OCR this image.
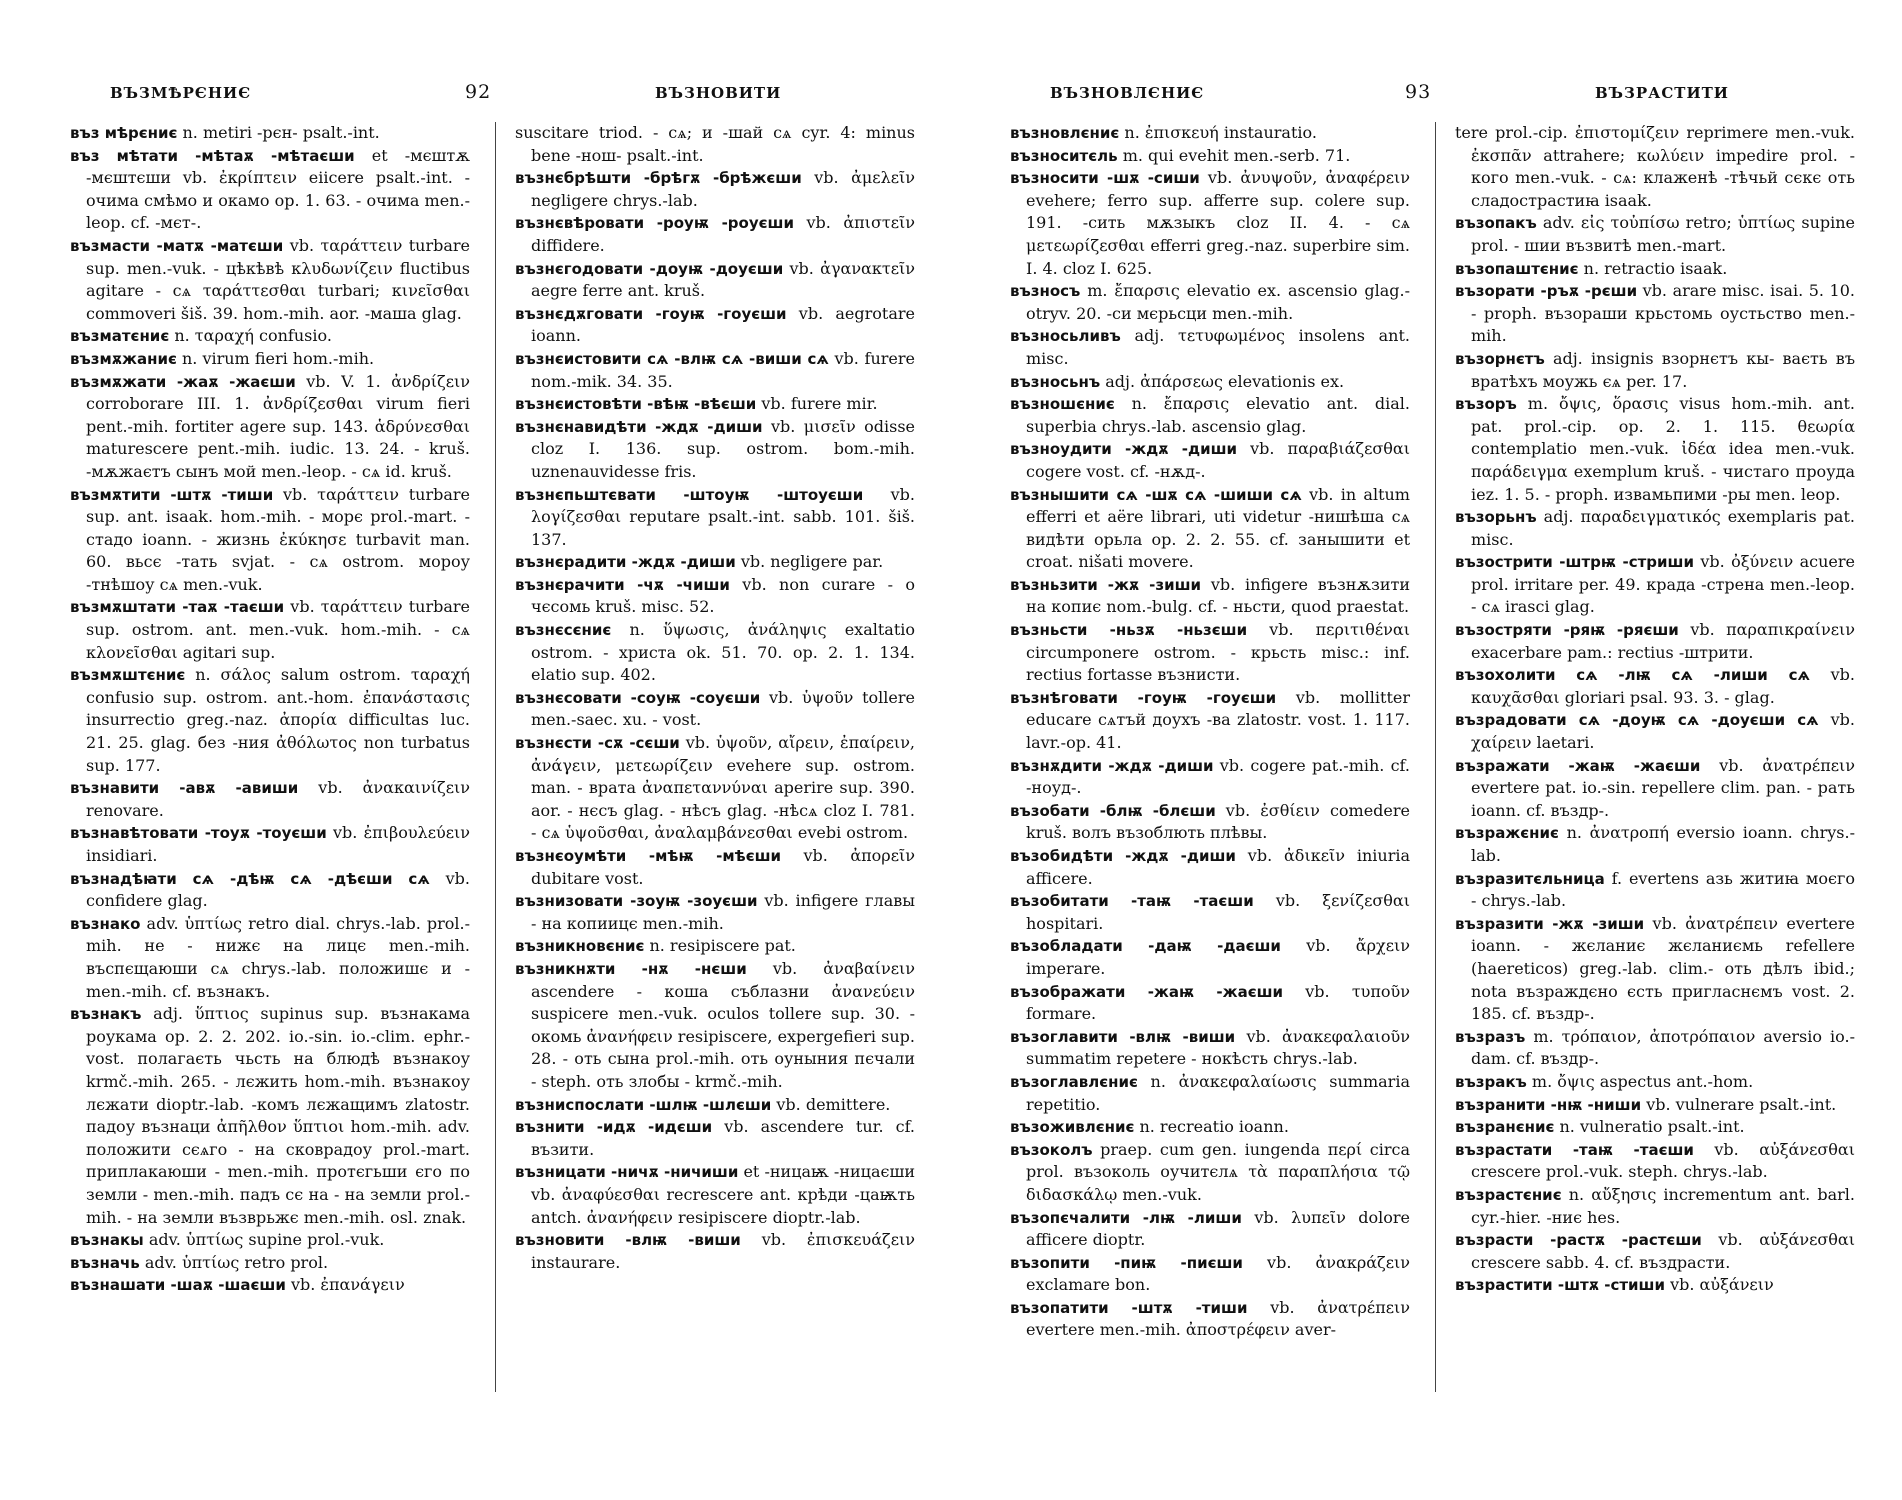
ВЪЗМѢРЄНИЄ	92	ВЪЗНОВИТИ

въз мѣрєниє n. metiri -рєн- psalt.-int.

въз мѣтати -мѣтаѫ -мѣтаєши et -мєштѫ -мєштєши vb. ἐκρίπτειν eiicere psalt.-int. - очима смѣмо и окамо op. 1. 63. - очима men.-leop. cf. -мєт-.

възмасти -матѫ -матєши vb. ταράττειν turbare sup. men.-vuk. - цѣкѣвѣ κλυδωνίζειν fluctibus agitare - сѧ ταράττεσθαι turbari; κινεῖσθαι commoveri šiš. 39. hom.-mih. aor. -маша glag.

възматєниє n. ταραχή confusio.

възмѫжаниє n. virum fieri hom.-mih.

възмѫжати -жаѫ -жаєши vb. V. 1. ἀνδρίζειν corroborare III. 1. ἀνδρίζεσθαι virum fieri pent.-mih. fortiter agere sup. 143. ἁδρύνεσθαι maturescere pent.-mih. iudic. 13. 24. - kruš. -мѫжаєтъ сынъ мой men.-leop. - сѧ id. kruš.

възмѫтити -штѫ -тиши vb. ταράττειν turbare sup. ant. isaak. hom.-mih. - морє prol.-mart. - стадо ioann. - жизнь ἐκύκησε turbavit man. 60. вьсє -тать svjat. - сѧ ostrom. мороу -тнѣшоу сѧ men.-vuk.

възмѫштати -таѫ -таєши vb. ταράττειν turbare sup. ostrom. ant. men.-vuk. hom.-mih. - сѧ κλονεῖσθαι agitari sup.

възмѫштєниє n. σάλος salum ostrom. ταραχή confusio sup. ostrom. ant.-hom. ἐπανάστασις insurrectio greg.-naz. ἀπορία difficultas luc. 21. 25. glag. без -ния ἀθόλωτος non turbatus sup. 177.

възнавити -авѫ -авиши vb. ἀνακαινίζειν renovare.

възнавѣтовати -тоуѫ -тоуєши vb. ἐπιβουλεύειν insidiari.

възнадѣꙗти сѧ -дѣѭ сѧ -дѣєши сѧ vb. confidere glag.

възнако adv. ὑπτίως retro dial. chrys.-lab. prol.-mih. не - нижє на лицє men.-mih. въспєщаюши сѧ chrys.-lab. положишє и - men.-mih. cf. възнакъ.

възнакъ adj. ὕπτιος supinus sup. възнакама роукама op. 2. 2. 202. io.-sin. io.-clim. ephr.-vost. полагаєть чьсть на блюдѣ възнакоу krmč.-mih. 265. - лєжить hom.-mih. възнакоу лєжати dioptr.-lab. -комъ лєжащимъ zlatostr. падоу възнаци ἀπῆλθον ὕπτιοι hom.-mih. adv. положити сєѧго - на сковрадоу prol.-mart. приплакаюши - men.-mih. протєгьши єго по земли - men.-mih. падъ сє на - на земли prol.-mih. - на земли възврьжє men.-mih. osl. znak.

възнакы adv. ὑπτίως supine prol.-vuk.

възначь adv. ὑπτίως retro prol.

възнашати -шаѫ -шаєши vb. ἐπανάγειν

suscitare triod. - сѧ; и -шай сѧ cyr. 4: minus bene -нош- psalt.-int.

възнєбрѣшти -брѣгѫ -брѣжєши vb. ἀμελεῖν negligere chrys.-lab.

възнєвѣровати -роуѭ -роуєши vb. ἀπιστεῖν diffidere.

възнєгодовати -доуѭ -доуєши vb. ἀγανακτεῖν aegre ferre ant. kruš.

възнєдѫговати -гоуѭ -гоуєши vb. aegrotare ioann.

възнєистовити сѧ -влѭ сѧ -виши сѧ vb. furere nom.-mik. 34. 35.

възнєистовѣти -вѣѭ -вѣєши vb. furere mir.

възнєнавидѣти -ждѫ -диши vb. μισεῖν odisse cloz I. 136. sup. ostrom. bom.-mih. uznenauvidesse fris.

възнєпьштєвати -штоуѭ -штоуєши vb. λογίζεσθαι reputare psalt.-int. sabb. 101. šiš. 137.

възнєрадити -ждѫ -диши vb. negligere par.

възнєрачити -чѫ -чиши vb. non curare - о чєсомь kruš. misc. 52.

възнєсєниє n. ὕψωσις, ἀνάληψις exaltatio ostrom. - христа ok. 51. 70. op. 2. 1. 134. elatio sup. 402.

възнєсовати -соуѭ -соуєши vb. ὑψοῦν tollere men.-saec. xu. - vost.

възнєсти -сѫ -сєши vb. ὑψοῦν, αἴρειν, ἐπαίρειν, ἀνάγειν, μετεωρίζειν evehere sup. ostrom. man. - врата ἀναπεταννύναι aperire sup. 390. aor. - нєсъ glag. - нѣсъ glag. -нѣсѧ cloz I. 781. - сѧ ὑψοῦσθαι, ἀναλαμβάνεσθαι evebi ostrom.

възнєоумѣти -мѣѭ -мѣєши vb. ἀπορεῖν dubitare vost.

възнизовати -зоуѭ -зоуєши vb. infigere главы - на копиицє men.-mih.

възникновєниє n. resipiscere pat.

възникнѫти -нѫ -нєши vb. ἀναβαίνειν ascendere - коша съблазни ἀνανεύειν suspicere men.-vuk. oculos tollere sup. 30. - окомь ἀνανήφειν resipiscere, expergefieri sup. 28. - оть сына prol.-mih. оть оуныния пєчали - steph. оть злобы - krmč.-mih.

възниспослати -шлѭ -шлєши vb. demittere.

възнити -идѫ -идєши vb. ascendere tur. cf. възити.

възницати -ничѫ -ничиши et -ницаѭ -ницаєши vb. ἀναφύεσθαι recrescere ant. крѣди -цаѭть antch. ἀνανήφειν resipiscere dioptr.-lab.

възновити -влѭ -виши vb. ἐπισκευάζειν instaurare.

ВЪЗНОВЛЄНИЄ	93	ВЪЗРАСТИТИ

възновлєниє n. ἐπισκευή instauratio.

възноситєль m. qui evehit men.-serb. 71.

възносити -шѫ -сиши vb. ἀνυψοῦν, ἀναφέρειν evehere; ferro sup. afferre sup. colere sup. 191. -сить мѫзыкъ cloz II. 4. - сѧ μετεωρίζεσθαι efferri greg.-naz. superbire sim. I. 4. cloz I. 625.

възносъ m. ἔπαρσις elevatio ex. ascensio glag.-otryv. 20. -си мєрьсци men.-mih.

възносьливъ adj. τετυφωμένος insolens ant. misc.

възносьнъ adj. ἀπάρσεως elevationis ex.

възношєниє n. ἔπαρσις elevatio ant. dial. superbia chrys.-lab. ascensio glag.

възноудити -ждѫ -диши vb. παραβιάζεσθαι cogere vost. cf. -нѫд-.

възнышити сѧ -шѫ сѧ -шиши сѧ vb. in altum efferri et aëre librari, uti videtur -нишѣша сѧ видѣти орьла op. 2. 2. 55. cf. занышити et croat. nišati movere.

възньзити -жѫ -зиши vb. infigere възнѫзити на копиє nom.-bulg. cf. - ньсти, quod praestat.

възньсти -ньзѫ -ньзєши vb. περιτιθέναι circumponere ostrom. - крьсть misc.: inf. rectius fortasse възнисти.

възнѣговати -гоуѭ -гоуєши vb. mollitter educare сѧтъй доухъ -ва zlatostr. vost. 1. 117. lavr.-op. 41.

възнѫдити -ждѫ -диши vb. cogere pat.-mih. cf. -ноуд-.

възобати -блѭ -блєши vb. ἐσθίειν comedere kruš. волъ възоблють плѣвы.

възобидѣти -ждѫ -диши vb. ἀδικεῖν iniuria afficere.

възобитати -таѭ -таєши vb. ξενίζεσθαι hospitari.

възобладати -даѭ -даєши vb. ἄρχειν imperare.

възображати -жаѭ -жаєши vb. τυποῦν formare.

възоглавити -влѭ -виши vb. ἀνακεφαλαιοῦν summatim repetere - нокѣсть chrys.-lab.

възоглавлєниє n. ἀνακεφαλαίωσις summaria repetitio.

възоживлєниє n. recreatio ioann.

възоколъ praep. cum gen. iungenda περί circa prol. възоколь оучитєлѧ τὰ παραπλήσια τῷ διδασκάλῳ men.-vuk.

възопєчалити -лѭ -лиши vb. λυπεῖν dolore afficere dioptr.

възопити -пиѭ -пиєши vb. ἀνακράζειν exclamare bon.

възопатити -штѫ -тиши vb. ἀνατρέπειν evertere men.-mih. ἀποστρέφειν aver-

tere prol.-cip. ἐπιστομίζειν reprimere men.-vuk. ἐκσπᾶν attrahere; κωλύειν impedire prol. - кого men.-vuk. - сѧ: клаженѣ -тѣчьй сєкє оть сладострастиꙗ isaak.

възопакъ adv. εἰς τοὐπίσω retro; ὑπτίως supine prol. - шии възвитѣ men.-mart.

възопаштєниє n. retractio isaak.

възорати -ръѫ -рєши vb. arare misc. isai. 5. 10. - proph. възораши крьстомь оустьство men.-mih.

възорнєтъ adj. insignis взорнєтъ кы- ваєть въ вратѣхъ моужь єѧ per. 17.

възоръ m. ὄψις, ὅρασις visus hom.-mih. ant. pat. prol.-cip. op. 2. 1. 115. θεωρία contemplatio men.-vuk. ἰδέα idea men.-vuk. παράδειγμα exemplum kruš. - чистаго проуда iez. 1. 5. - proph. извамьпими -ры men. leop.

възорьнъ adj. παραδειγματικός exemplaris pat. misc.

възострити -штрѭ -стриши vb. ὀξύνειν acuere prol. irritare per. 49. крада -стрена men.-leop. - сѧ irasci glag.

възостряти -ряѭ -ряєши vb. παραπικραίνειν exacerbare pam.: rectius -штрити.

възохолити сѧ -лѭ сѧ -лиши сѧ vb. καυχᾶσθαι gloriari psal. 93. 3. - glag.

възрадовати сѧ -доуѭ сѧ -доуєши сѧ vb. χαίρειν laetari.

възражати -жаѭ -жаєши vb. ἀνατρέπειν evertere pat. io.-sin. repellere clim. pan. - рать ioann. cf. въздр-.

възражєниє n. ἀνατροπή eversio ioann. chrys.-lab.

възразитєльница f. evertens азь житиꙗ моєго - chrys.-lab.

възразити -жѫ -зиши vb. ἀνατρέπειν evertere ioann. - жєланиє жєланиємь refellere (haereticos) greg.-lab. clim.- оть дѣлъ ibid.; nota възраждєно єсть приглаcнємъ vost. 2. 185. cf. въздр-.

възразъ m. τρόπαιον, ἀποτρόπαιον aversio io.-dam. cf. въздр-.

възракъ m. ὄψις aspectus ant.-hom.

възранити -нѭ -ниши vb. vulnerare psalt.-int.

възранєниє n. vulneratio psalt.-int.

възрастати -таѭ -таєши vb. αὐξάνεσθαι crescere prol.-vuk. steph. chrys.-lab.

възрастєниє n. αὔξησις incrementum ant. barl. cyr.-hier. -ниє hes.

възрасти -растѫ -растєши vb. αὐξάνεσθαι crescere sabb. 4. cf. въздрасти.

възрастити -штѫ -стиши vb. αὐξάνειν
